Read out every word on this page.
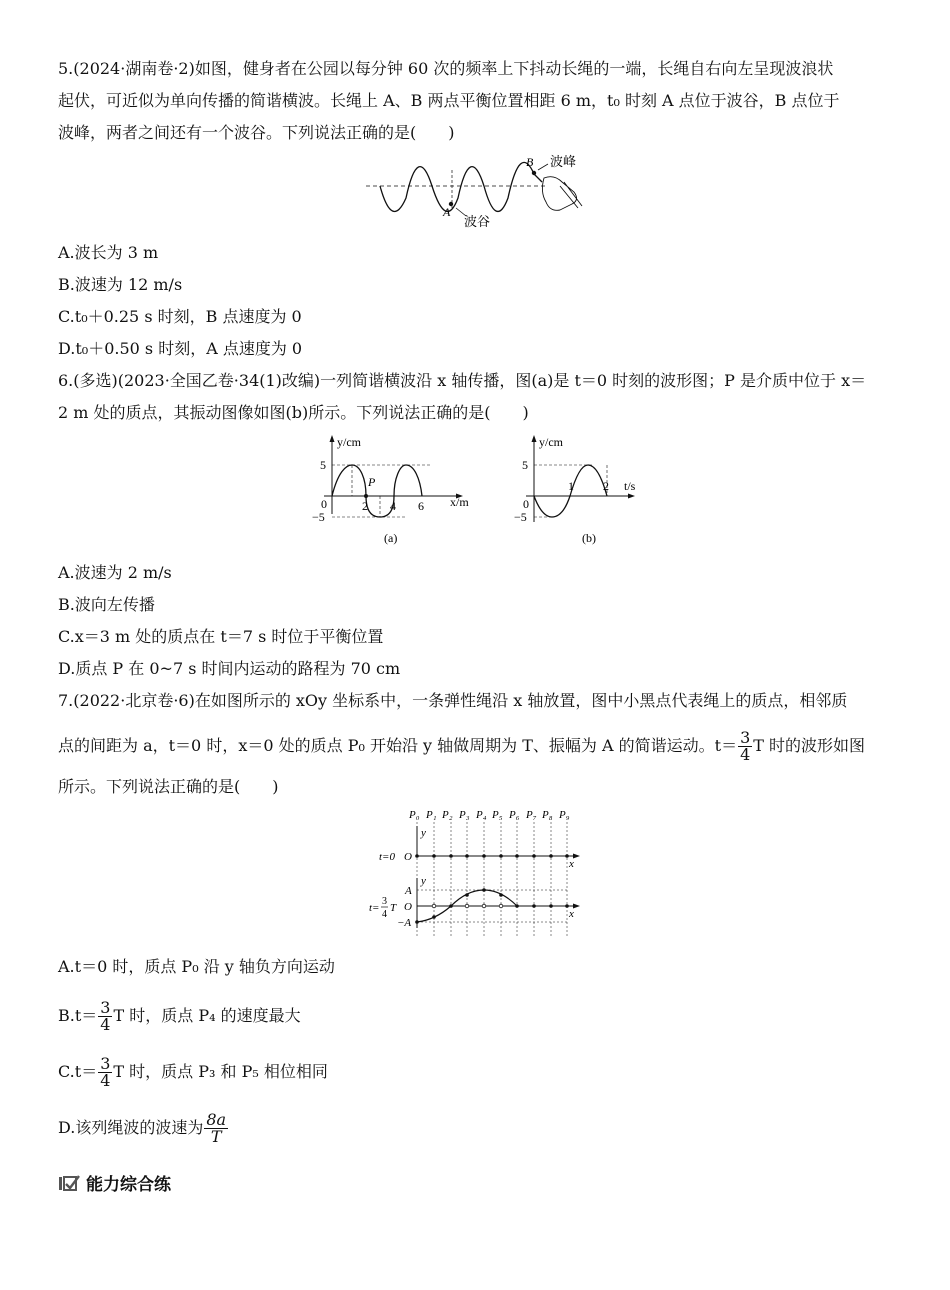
5.(2024·湖南卷·2)如图，健身者在公园以每分钟 60 次的频率上下抖动长绳的一端，长绳自右向左呈现波浪状
起伏，可近似为单向传播的简谐横波。长绳上 A、B 两点平衡位置相距 6 m，t₀ 时刻 A 点位于波谷，B 点位于
波峰，两者之间还有一个波谷。下列说法正确的是(　　)
A
波谷
B 波峰
A.波长为 3 m
B.波速为 12 m/s
C.t₀＋0.25 s 时刻，B 点速度为 0
D.t₀＋0.50 s 时刻，A 点速度为 0
6.(多选)(2023·全国乙卷·34(1)改编)一列简谐横波沿 x 轴传播，图(a)是 t＝0 时刻的波形图；P 是介质中位于 x＝
2 m 处的质点，其振动图像如图(b)所示。下列说法正确的是(　　)
y/cm
5
−5
0	2 4 6
P
x/m
(a)
y/cm
5
−5
0
1 2 t/s
(b)
A.波速为 2 m/s
B.波向左传播
C.x＝3 m 处的质点在 t＝7 s 时位于平衡位置
D.质点 P 在 0~7 s 时间内运动的路程为 70 cm
7.(2022·北京卷·6)在如图所示的 xOy 坐标系中，一条弹性绳沿 x 轴放置，图中小黑点代表绳上的质点，相邻质
点的间距为 a，t＝0 时，x＝0 处的质点 P₀ 开始沿 y 轴做周期为 T、振幅为 A 的简谐运动。$t= \frac{3}{4}$ T 时的波形如图
所示。下列说法正确的是(　　)
P₀ P₁ P₂ P₃ P₄ P₅ P₆ P₇ P₈ P₉
t=0 O
x
y
t=
3
4
T
A
O
−A
y
x
A.t＝0 时，质点 P₀ 沿 y 轴负方向运动
$B.t= \frac{3}{4}$ T 时，质点 P₄ 的速度最大
$C.t= \frac{3}{4}$ T 时，质点 P₃ 和 P₅ 相位相同
D.该列绳波的波速为 $\frac{8a}{T}$
能力综合练
